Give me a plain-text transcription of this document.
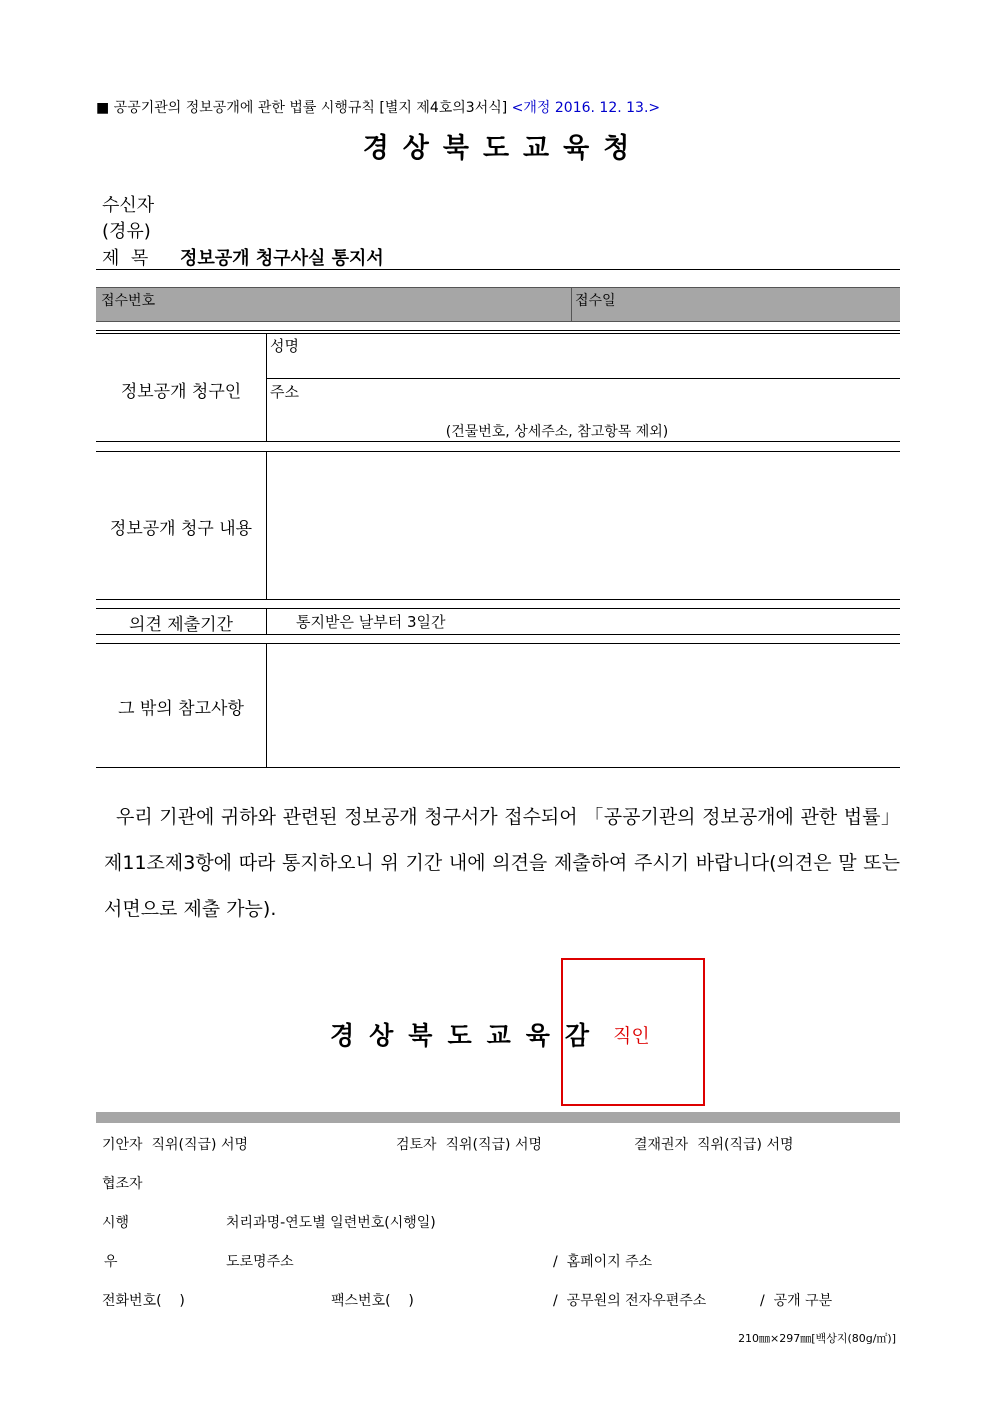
■ 공공기관의 정보공개에 관한 법률 시행규칙 [별지 제4호의3서식] <개정 2016. 12. 13.>
경상북도교육청
수신자
(경유)
제  목 정보공개 청구사실 통지서
접수번호	접수일
정보공개 청구인
성명
주소
(건물번호, 상세주소, 참고항목 제외)
정보공개 청구 내용
의견 제출기간	통지받은 날부터 3일간
그 밖의 참고사항
우리 기관에 귀하와 관련된 정보공개 청구서가 접수되어 「공공기관의 정보공개에 관한 법률」 제11조제3항에 따라 통지하오니 위 기간 내에 의견을 제출하여 주시기 바랍니다(의견은 말 또는 서면으로 제출 가능).
경상북도교육감 직인
기안자  직위(직급) 서명	검토자  직위(직급) 서명	결재권자  직위(직급) 서명
협조자
시행	처리과명-연도별 일련번호(시행일)
우	도로명주소	/  홈페이지 주소
전화번호(    )	팩스번호(    )	/  공무원의 전자우편주소	/  공개 구분
210㎜×297㎜[백상지(80g/㎡)]
